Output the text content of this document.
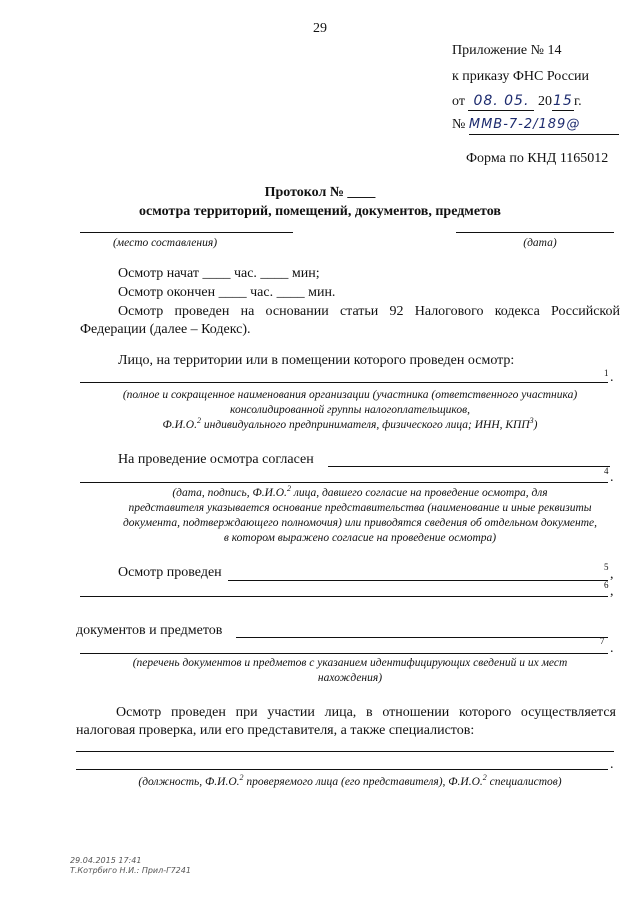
29
Приложение № 14
к приказу ФНС России
от 08. 05. 2015г.
№ ММВ-7-2/189@
Форма по КНД 1165012
Протокол № ____
осмотра территорий, помещений, документов, предметов
(место составления)	(дата)
Осмотр начат ____ час. ____ мин;
Осмотр окончен ____ час. ____ мин.
Осмотр проведен на основании статьи 92 Налогового кодекса Российской Федерации (далее – Кодекс).
Лицо, на территории или в помещении которого проведен осмотр:
1 .
(полное и сокращенное наименования организации (участника (ответственного участника)
консолидированной группы налогоплательщиков,
Ф.И.О.$^2$ индивидуального предпринимателя, физического лица; ИНН, КПП$^3$)
На проведение осмотра согласен
4 .
(дата, подпись, Ф.И.О.$^2$ лица, давшего согласие на проведение осмотра, для
представителя указывается основание представительства (наименование и иные реквизиты
документа, подтверждающего полномочия) или приводятся сведения об отдельном документе,
в котором выражено согласие на проведение осмотра)
Осмотр проведен	5 ,
6 ,
документов и предметов
7 .
(перечень документов и предметов с указанием идентифицирующих сведений и их мест
нахождения)
Осмотр проведен при участии лица, в отношении которого осуществляется налоговая проверка, или его представителя, а также специалистов:
.
(должность, Ф.И.О.$^2$ проверяемого лица (его представителя), Ф.И.О.$^2$ специалистов)
29.04.2015 17:41
Т.Котрбиго Н.И.: Прил-Г7241
